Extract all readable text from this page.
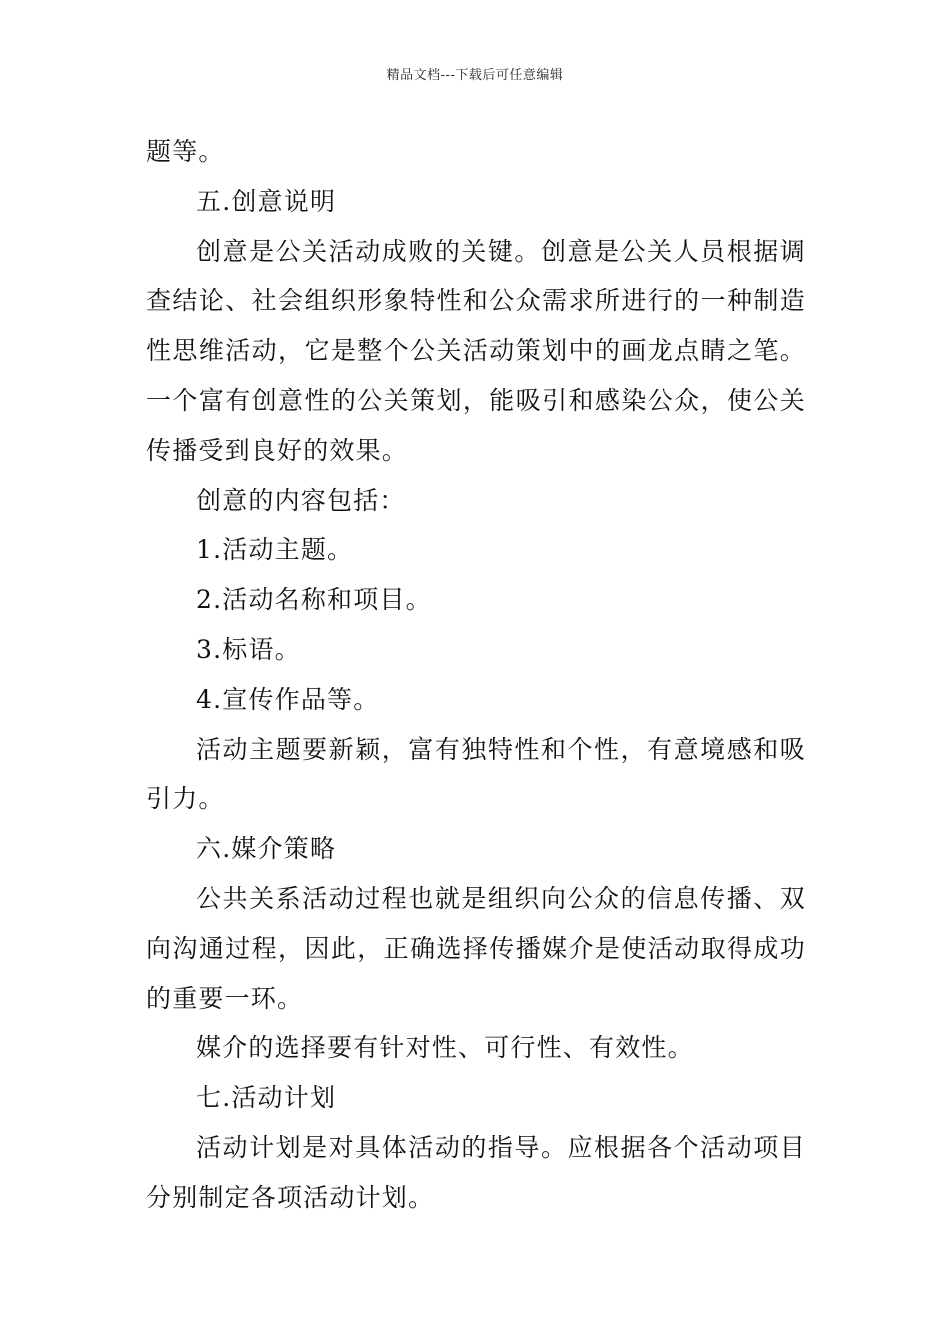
精品文档---下载后可任意编辑

题等。

五.创意说明

创意是公关活动成败的关键。创意是公关人员根据调查结论、社会组织形象特性和公众需求所进行的一种制造性思维活动，它是整个公关活动策划中的画龙点睛之笔。一个富有创意性的公关策划，能吸引和感染公众，使公关传播受到良好的效果。

创意的内容包括：

1.活动主题。

2.活动名称和项目。

3.标语。

4.宣传作品等。

活动主题要新颖，富有独特性和个性，有意境感和吸引力。

六.媒介策略

公共关系活动过程也就是组织向公众的信息传播、双向沟通过程，因此，正确选择传播媒介是使活动取得成功的重要一环。

媒介的选择要有针对性、可行性、有效性。

七.活动计划

活动计划是对具体活动的指导。应根据各个活动项目分别制定各项活动计划。
